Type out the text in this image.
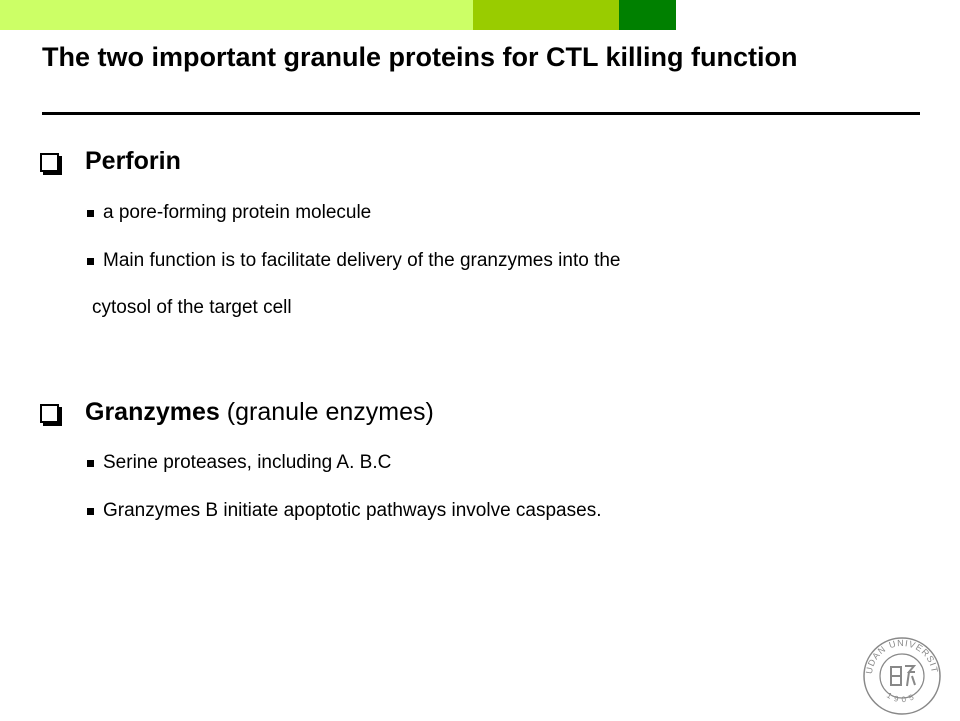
The two important granule proteins for CTL killing function
Perforin
a pore-forming protein molecule
Main function is to facilitate delivery of the granzymes into the
cytosol of the target cell
Granzymes (granule enzymes)
Serine proteases, including A. B.C
Granzymes B initiate apoptotic pathways involve caspases.
UDAN UNIVERSIT
1905
